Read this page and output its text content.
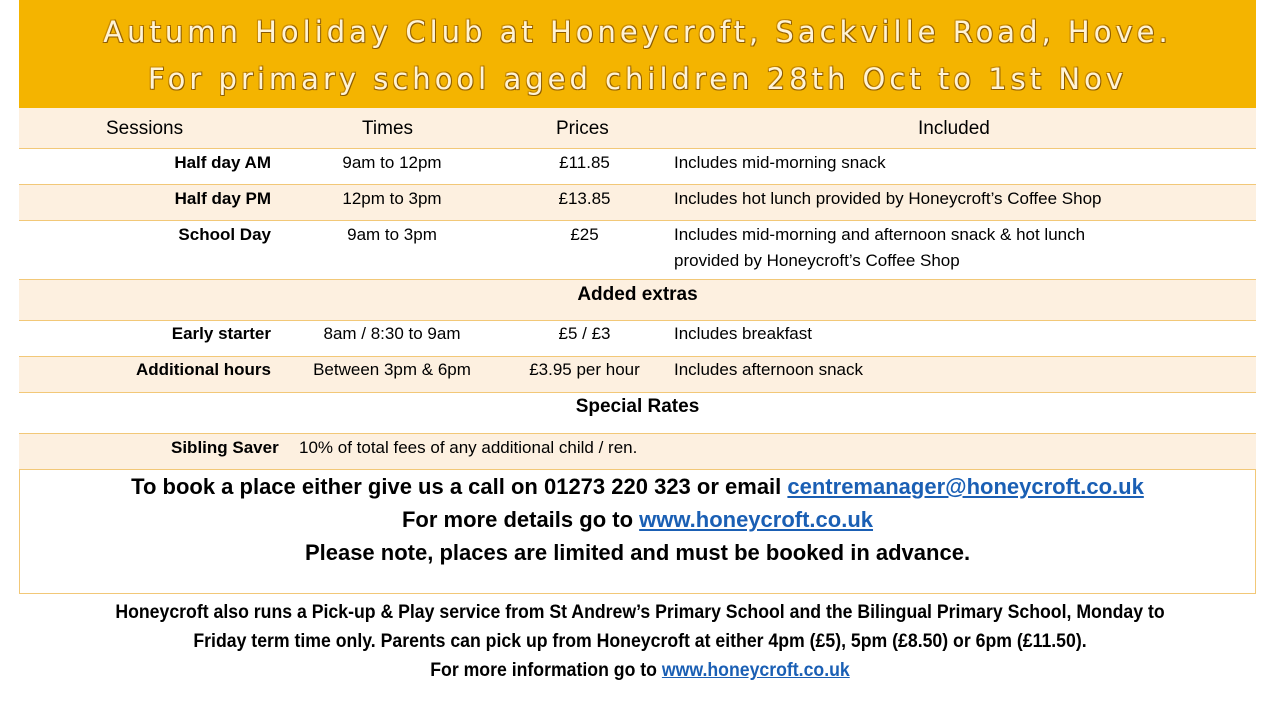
Autumn Holiday Club at Honeycroft, Sackville Road, Hove.
For primary school aged children 28th Oct to 1st Nov
Sessions	Times	Prices	Included
Half day AM	9am to 12pm	£11.85	Includes mid-morning snack
Half day PM	12pm to 3pm	£13.85	Includes hot lunch provided by Honeycroft’s Coffee Shop
School Day	9am to 3pm	£25	Includes mid-morning and afternoon snack & hot lunch
provided by Honeycroft’s Coffee Shop
Added extras
Early starter	8am / 8:30 to 9am	£5 / £3	Includes breakfast
Additional hours	Between 3pm & 6pm	£3.95 per hour	Includes afternoon snack
Special Rates
Sibling Saver 10% of total fees of any additional child / ren.
To book a place either give us a call on 01273 220 323 or email centremanager@honeycroft.co.uk
For more details go to www.honeycroft.co.uk
Please note, places are limited and must be booked in advance.
Honeycroft also runs a Pick-up & Play service from St Andrew’s Primary School and the Bilingual Primary School, Monday to
Friday term time only. Parents can pick up from Honeycroft at either 4pm (£5), 5pm (£8.50) or 6pm (£11.50).
For more information go to www.honeycroft.co.uk
